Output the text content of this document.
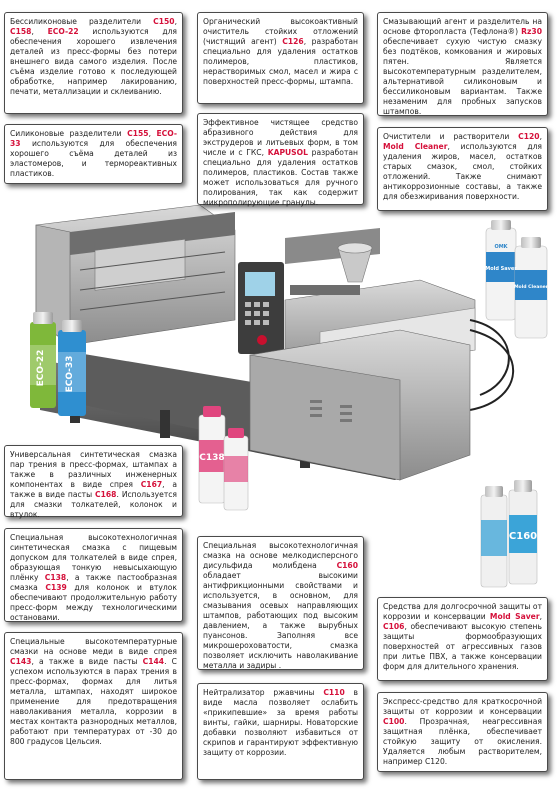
ECO-22 ECO-33
C138
C160
OMK
Mold Saver
Mold Cleaner

Бессиликоновые разделители C150, C158, ECO-22 используются для обеспечения хорошего извлечения деталей из пресс-формы без потери внешнего вида самого изделия. После съёма изделие готово к последующей обработке, например лакированию, печати, металлизации и склеиванию.

Органический высокоактивный очиститель стойких отложений (чистящий агент) C126, разработан специально для удаления остатков полимеров, пластиков, нерастворимых смол, масел и жира с поверхностей пресс-формы, штампа.

Смазывающий агент и разделитель на основе фторопласта (Тефлона®) Rz30 обеспечивает сухую чистую смазку без подтёков, комкования и жировых пятен. Является высокотемпературным разделителем, альтернативой силиконовым и бессиликоновым вариантам. Также незаменим для пробных запусков штампов.

Силиконовые разделители C155, ECO-33 используются для обеспечения хорошего съёма деталей из эластомеров, и термореактивных пластиков.

Эффективное чистящее средство абразивного действия для экструдеров и литьевых форм, в том числе и с ГКС, KAPUSOL разработан специально для удаления остатков полимеров, пластиков. Состав также может использоваться для ручного полирования, так как содержит микрополирующие гранулы.

Очистители и растворители C120, Mold Cleaner, используются для удаления жиров, масел, остатков старых смазок, смол, стойких отложений. Также снимают антикоррозионные составы, а также для обезжиривания поверхности.

Универсальная синтетическая смазка пар трения в пресс-формах, штампах а также в различных инженерных компонентах в виде спрея C167, а также в виде пасты C168. Используется для смазки толкателей, колонок и втулок.

Специальная высокотехнологичная синтетическая смазка с пищевым допуском для толкателей в виде спрея, образующая тонкую невысыхающую плёнку C138, а также пастообразная смазка C139 для колонок и втулок обеспечивают продолжительную работу пресс-форм между технологическими остановами.

Специальная высокотехнологичная смазка на основе мелкодисперсного дисульфида молибдена C160 обладает высокими антифрикционными свойствами и используется, в основном, для смазывания осевых направляющих штампов, работающих под высоким давлением, а также вырубных пуансонов. Заполняя все микрошероховатости, смазка позволяет исключить наволакивание металла и задиры .

Средства для долгосрочной защиты от коррозии и консервации Mold Saver, C106, обеспечивают высокую степень защиты формообразующих поверхностей от агрессивных газов при литье ПВХ, а также консервации форм для длительного хранения.

Специальные высокотемпературные смазки на основе меди в виде спрея C143, а также в виде пасты C144. С успехом используются в парах трения в пресс-формах, формах для литья металла, штампах, находят широкое применение для предотвращения наволакивания металла, коррозии в местах контакта разнородных металлов, работают при температурах от -30 до 800 градусов Цельсия.

Нейтрализатор ржавчины C110 в виде масла позволяет ослабить «прикипевшие» за время работы винты, гайки, шарниры. Новаторские добавки позволяют избавиться от скрипов и гарантируют эффективную защиту от коррозии.

Экспресс-средство для краткосрочной защиты от коррозии и консервации C100. Прозрачная, неагрессивная защитная плёнка, обеспечивает стойкую защиту от окисления. Удаляется любым растворителем, например C120.
